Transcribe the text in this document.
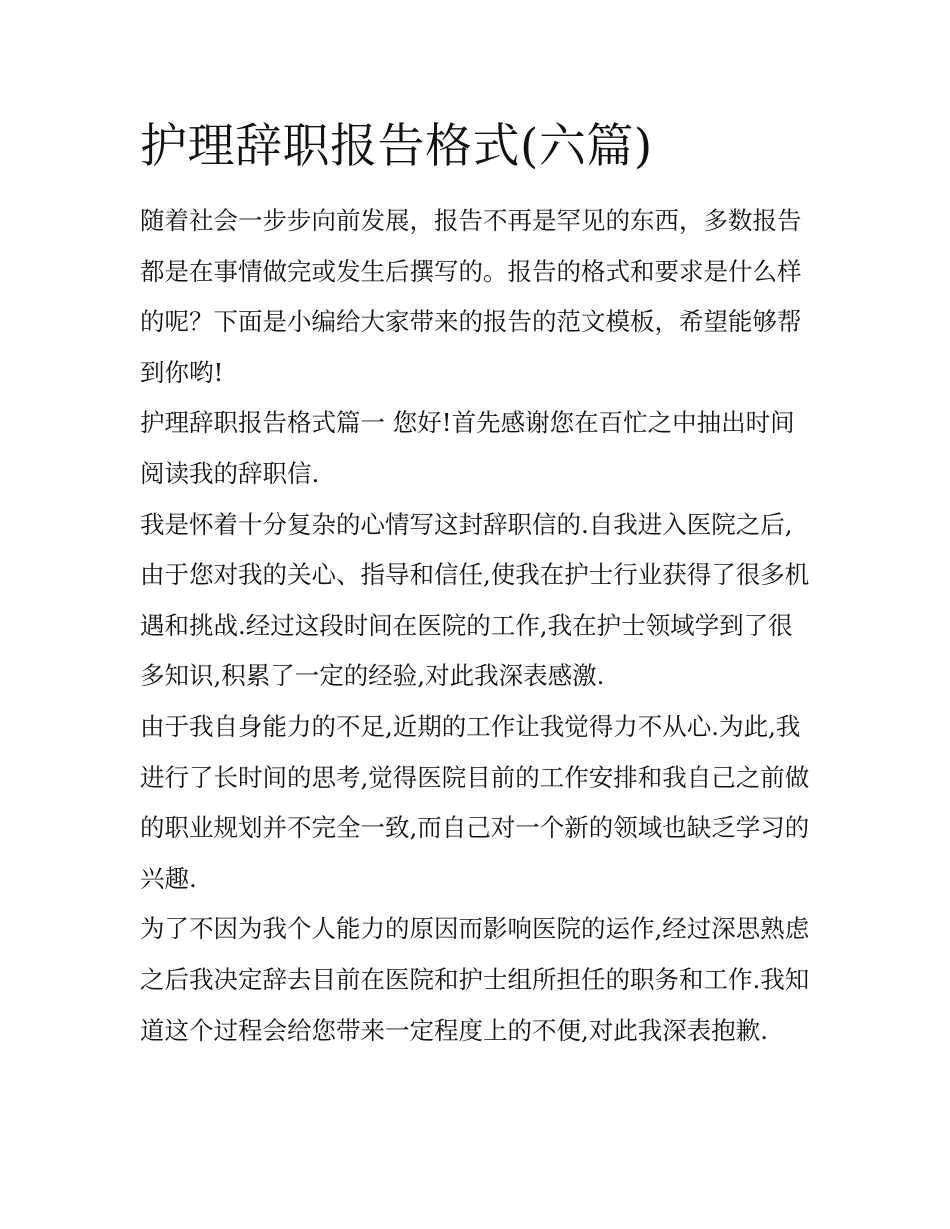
护理辞职报告格式(六篇)

随着社会一步步向前发展，报告不再是罕见的东西，多数报告都是在事情做完或发生后撰写的。报告的格式和要求是什么样的呢？下面是小编给大家带来的报告的范文模板，希望能够帮到你哟!

护理辞职报告格式篇一 您好!首先感谢您在百忙之中抽出时间阅读我的辞职信.

我是怀着十分复杂的心情写这封辞职信的.自我进入医院之后,由于您对我的关心、指导和信任,使我在护士行业获得了很多机遇和挑战.经过这段时间在医院的工作,我在护士领域学到了很多知识,积累了一定的经验,对此我深表感激.

由于我自身能力的不足,近期的工作让我觉得力不从心.为此,我进行了长时间的思考,觉得医院目前的工作安排和我自己之前做的职业规划并不完全一致,而自己对一个新的领域也缺乏学习的兴趣.

为了不因为我个人能力的原因而影响医院的运作,经过深思熟虑之后我决定辞去目前在医院和护士组所担任的职务和工作.我知道这个过程会给您带来一定程度上的不便,对此我深表抱歉.
